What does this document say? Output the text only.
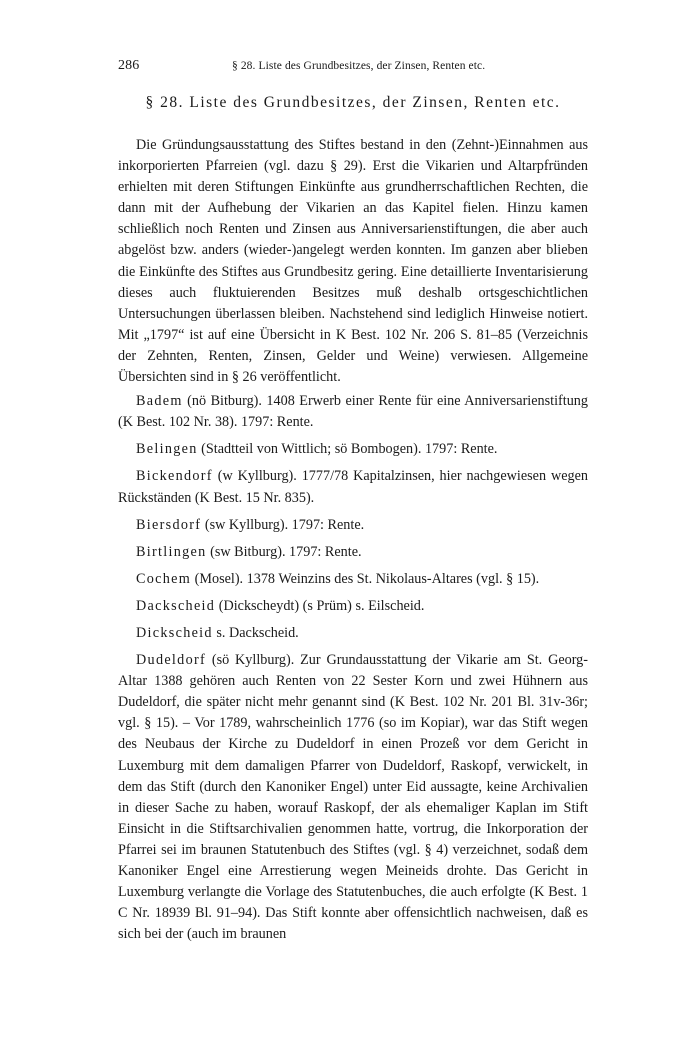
286	§ 28. Liste des Grundbesitzes, der Zinsen, Renten etc.
§ 28. Liste des Grundbesitzes, der Zinsen, Renten etc.

Die Gründungsausstattung des Stiftes bestand in den (Zehnt-)Einnahmen aus inkorporierten Pfarreien (vgl. dazu § 29). Erst die Vikarien und Altarpfründen erhielten mit deren Stiftungen Einkünfte aus grundherrschaftlichen Rechten, die dann mit der Aufhebung der Vikarien an das Kapitel fielen. Hinzu kamen schließlich noch Renten und Zinsen aus Anniversarienstiftungen, die aber auch abgelöst bzw. anders (wieder-)angelegt werden konnten. Im ganzen aber blieben die Einkünfte des Stiftes aus Grundbesitz gering. Eine detaillierte Inventarisierung dieses auch fluktuierenden Besitzes muß deshalb ortsgeschichtlichen Untersuchungen überlassen bleiben. Nachstehend sind lediglich Hinweise notiert. Mit „1797“ ist auf eine Übersicht in K Best. 102 Nr. 206 S. 81–85 (Verzeichnis der Zehnten, Renten, Zinsen, Gelder und Weine) verwiesen. Allgemeine Übersichten sind in § 26 veröffentlicht.

Badem (nö Bitburg). 1408 Erwerb einer Rente für eine Anniversarienstiftung (K Best. 102 Nr. 38). 1797: Rente.

Belingen (Stadtteil von Wittlich; sö Bombogen). 1797: Rente.

Bickendorf (w Kyllburg). 1777/78 Kapitalzinsen, hier nachgewiesen wegen Rückständen (K Best. 15 Nr. 835).

Biersdorf (sw Kyllburg). 1797: Rente.

Birtlingen (sw Bitburg). 1797: Rente.

Cochem (Mosel). 1378 Weinzins des St. Nikolaus-Altares (vgl. § 15).

Dackscheid (Dickscheydt) (s Prüm) s. Eilscheid.

Dickscheid s. Dackscheid.

Dudeldorf (sö Kyllburg). Zur Grundausstattung der Vikarie am St. Georg-Altar 1388 gehören auch Renten von 22 Sester Korn und zwei Hühnern aus Dudeldorf, die später nicht mehr genannt sind (K Best. 102 Nr. 201 Bl. 31v-36r; vgl. § 15). – Vor 1789, wahrscheinlich 1776 (so im Kopiar), war das Stift wegen des Neubaus der Kirche zu Dudeldorf in einen Prozeß vor dem Gericht in Luxemburg mit dem damaligen Pfarrer von Dudeldorf, Raskopf, verwickelt, in dem das Stift (durch den Kanoniker Engel) unter Eid aussagte, keine Archivalien in dieser Sache zu haben, worauf Raskopf, der als ehemaliger Kaplan im Stift Einsicht in die Stiftsarchivalien genommen hatte, vortrug, die Inkorporation der Pfarrei sei im braunen Statutenbuch des Stiftes (vgl. § 4) verzeichnet, sodaß dem Kanoniker Engel eine Arrestierung wegen Meineids drohte. Das Gericht in Luxemburg verlangte die Vorlage des Statutenbuches, die auch erfolgte (K Best. 1 C Nr. 18939 Bl. 91–94). Das Stift konnte aber offensichtlich nachweisen, daß es sich bei der (auch im braunen
